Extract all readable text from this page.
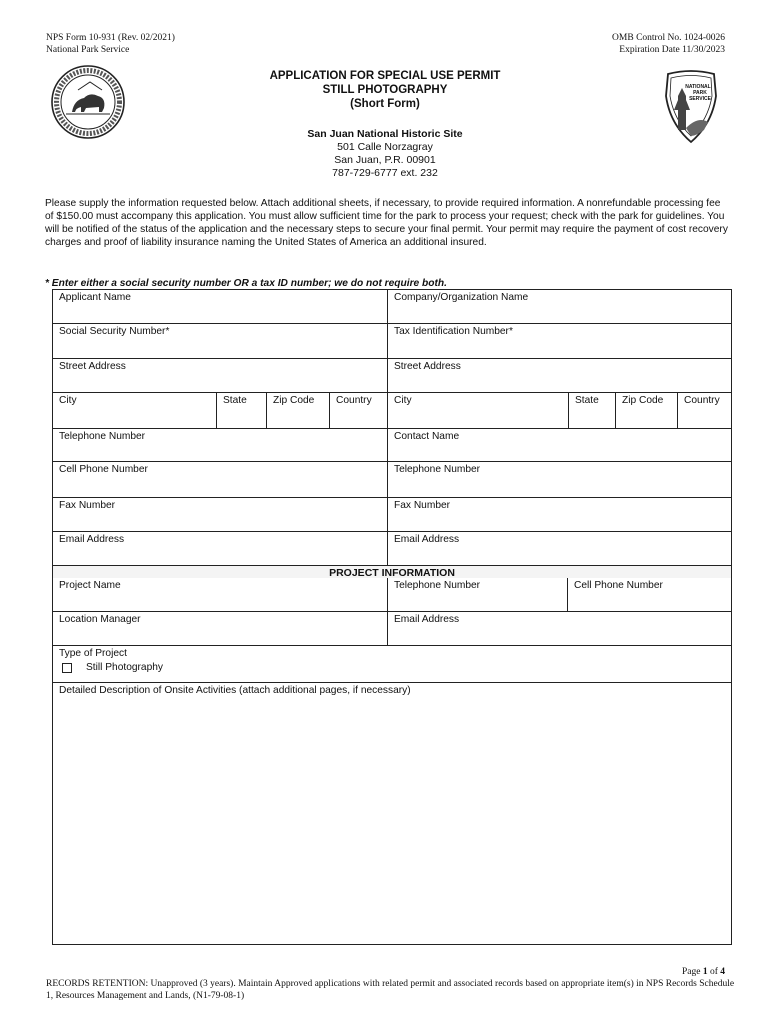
NPS Form 10-931 (Rev. 02/2021)
National Park Service
OMB Control No. 1024-0026
Expiration Date 11/30/2023
NATIONAL
PARK
SERVICE
APPLICATION FOR SPECIAL USE PERMIT
STILL PHOTOGRAPHY
(Short Form)
San Juan National Historic Site
501 Calle Norzagray
San Juan, P.R. 00901
787-729-6777 ext. 232

Please supply the information requested below. Attach additional sheets, if necessary, to provide required information. A nonrefundable processing fee of $150.00 must accompany this application. You must allow sufficient time for the park to process your request; check with the park for guidelines. You will be notified of the status of the application and the necessary steps to secure your final permit. Your permit may require the payment of cost recovery charges and proof of liability insurance naming the United States of America an additional insured.

* Enter either a social security number OR a tax ID number; we do not require both.
Applicant Name	Company/Organization Name
Social Security Number*	Tax Identification Number*
Street Address	Street Address
City	State	Zip Code	Country	City	State	Zip Code	Country
Telephone Number	Contact Name
Cell Phone Number	Telephone Number
Fax Number	Fax Number
Email Address	Email Address
PROJECT INFORMATION
Project Name	Telephone Number	Cell Phone Number
Location Manager	Email Address
Type of Project
Still Photography
Detailed Description of Onsite Activities (attach additional pages, if necessary)
Page 1 of 4

RECORDS RETENTION: Unapproved (3 years). Maintain Approved applications with related permit and associated records based on appropriate item(s) in NPS Records Schedule 1, Resources Management and Lands, (N1-79-08-1)
